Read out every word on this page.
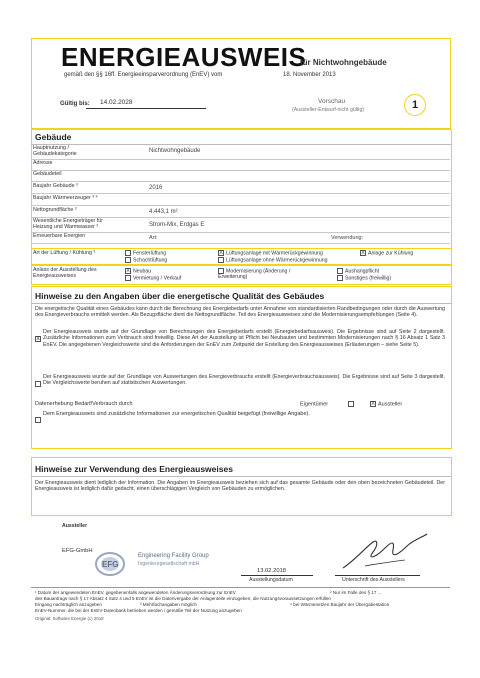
ENERGIEAUSWEIS
für Nichtwohngebäude
gemäß den §§ 16ff. Energieeinsparverordnung (EnEV) vom	18. November 2013
Gültig bis: 14.02.2028	Vorschau
(Aussteller-Entwurf-nicht gültig)	1
Gebäude
Hauptnutzung / Gebäudekategorie	Nichtwohngebäude
Adresse
Gebäudeteil
Baujahr Gebäude ³	2016
Baujahr Wärmeerzeuger ³ ⁴
Nettogrundfläche ²	4.443,1 m²
Wesentliche Energieträger für Heizung und Warmwasser ³	Strom-Mix, Erdgas E
Erneuerbare Energien	Art:	Verwendung:
Art der Lüftung / Kühlung ³	Fensterlüftung	X Lüftungsanlage mit Wärmerückgewinnung	X Anlage zur Kühlung
Schachtlüftung	Lüftungsanlage ohne Wärmerückgewinnung
Anlass der Ausstellung des Energieausweises
X Neubau
Vermietung / Verkauf
Modernisierung (Änderung / Erweiterung)
Aushangpflicht
Sonstiges (freiwillig)
Hinweise zu den Angaben über die energetische Qualität des Gebäudes
Die energetische Qualität eines Gebäudes kann durch die Berechnung des Energiebedarfs unter Annahme von standardisierten Randbedingungen oder durch die Auswertung des Energieverbrauchs ermittelt werden. Als Bezugsfläche dient die Nettogrundfläche. Teil des Energieausweises sind die Modernisierungsempfehlungen (Seite 4).
X
Der Energieausweis wurde auf der Grundlage von Berechnungen des Energiebedarfs erstellt (Energiebedarfsausweis). Die Ergebnisse sind auf Seite 2 dargestellt. Zusätzliche Informationen zum Verbrauch sind freiwillig. Diese Art der Ausstellung ist Pflicht bei Neubauten und bestimmten Modernisierungen nach § 16 Absatz 1 Satz 3 EnEV. Die angegebenen Vergleichswerte sind die Anforderungen der EnEV zum Zeitpunkt der Erstellung des Energieausweises (Erläuterungen – siehe Seite 5).
Der Energieausweis wurde auf der Grundlage von Auswertungen des Energieverbrauchs erstellt (Energieverbrauchsausweis). Die Ergebnisse sind auf Seite 3 dargestellt. Die Vergleichswerte beruhen auf statistischen Auswertungen.
Datenerhebung Bedarf/Verbrauch durch	Eigentümer	X Aussteller
Dem Energieausweis sind zusätzliche Informationen zur energetischen Qualität beigefügt (freiwillige Angabe).
Hinweise zur Verwendung des Energieausweises
Der Energieausweis dient lediglich der Information. Die Angaben im Energieausweis beziehen sich auf das gesamte Gebäude oder den oben bezeichneten Gebäudeteil. Der Energieausweis ist lediglich dafür gedacht, einen überschlägigen Vergleich von Gebäuden zu ermöglichen.
Aussteller
EFG-GmbH
EFG
Engineering Facility Group
Ingenieurgesellschaft mbH
13.02.2018
Ausstellungsdatum	Unterschrift des Ausstellers
¹ Datum der angewendeten EnEV, gegebenenfalls angewendeten Änderungsverordnung zur EnEV
des Bauantrags nach § 17 Absatz 4 Satz 4 und 5 EnEV ist die Datenvergabe der Anlagenteile einzugeben, die Nutzungsvoraussetzungen erfüllen
Eingang nachträglich anzugeben	³ Mehrfachangaben möglich
² Nur im Falle des § 17 ...
⁴ bei Wärmenetzen Baujahr der Übergabestation
EnEV-Nummer, die bei der EnEV-Datenbank betrieben werden / gemäße Teil der Nutzung anzugeben
Original: Software Energie (c) 2018
